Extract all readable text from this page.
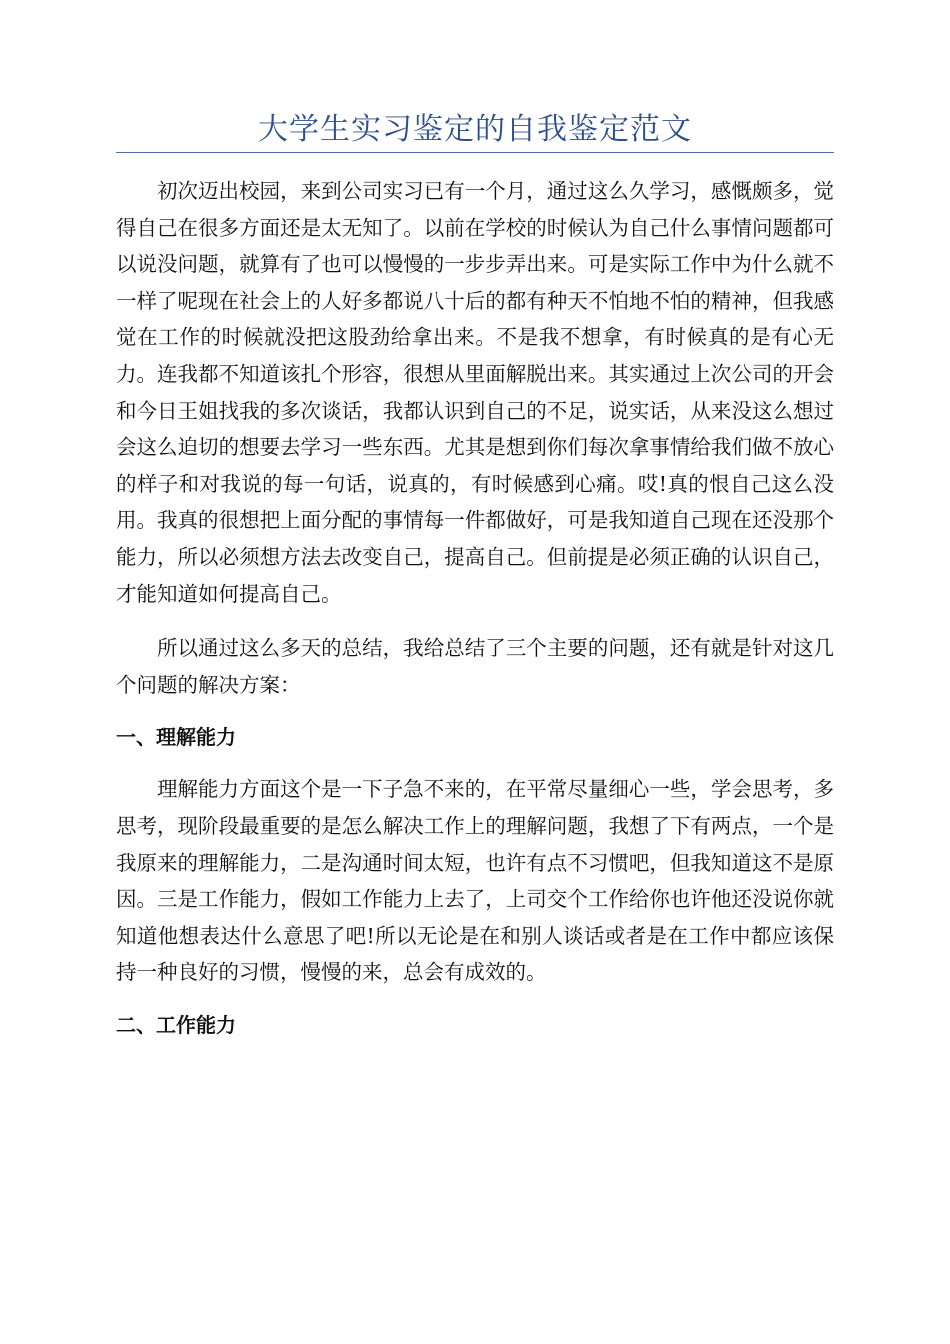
大学生实习鉴定的自我鉴定范文

初次迈出校园，来到公司实习已有一个月，通过这么久学习，感慨颇多，觉得自己在很多方面还是太无知了。以前在学校的时候认为自己什么事情问题都可以说没问题，就算有了也可以慢慢的一步步弄出来。可是实际工作中为什么就不一样了呢现在社会上的人好多都说八十后的都有种天不怕地不怕的精神，但我感觉在工作的时候就没把这股劲给拿出来。不是我不想拿，有时候真的是有心无力。连我都不知道该扎个形容，很想从里面解脱出来。其实通过上次公司的开会和今日王姐找我的多次谈话，我都认识到自己的不足，说实话，从来没这么想过会这么迫切的想要去学习一些东西。尤其是想到你们每次拿事情给我们做不放心的样子和对我说的每一句话，说真的，有时候感到心痛。哎!真的恨自己这么没用。我真的很想把上面分配的事情每一件都做好，可是我知道自己现在还没那个能力，所以必须想方法去改变自己，提高自己。但前提是必须正确的认识自己，才能知道如何提高自己。

所以通过这么多天的总结，我给总结了三个主要的问题，还有就是针对这几个问题的解决方案：

一、理解能力

理解能力方面这个是一下子急不来的，在平常尽量细心一些，学会思考，多思考，现阶段最重要的是怎么解决工作上的理解问题，我想了下有两点，一个是我原来的理解能力，二是沟通时间太短，也许有点不习惯吧，但我知道这不是原因。三是工作能力，假如工作能力上去了，上司交个工作给你也许他还没说你就知道他想表达什么意思了吧!所以无论是在和别人谈话或者是在工作中都应该保持一种良好的习惯，慢慢的来，总会有成效的。

二、工作能力
